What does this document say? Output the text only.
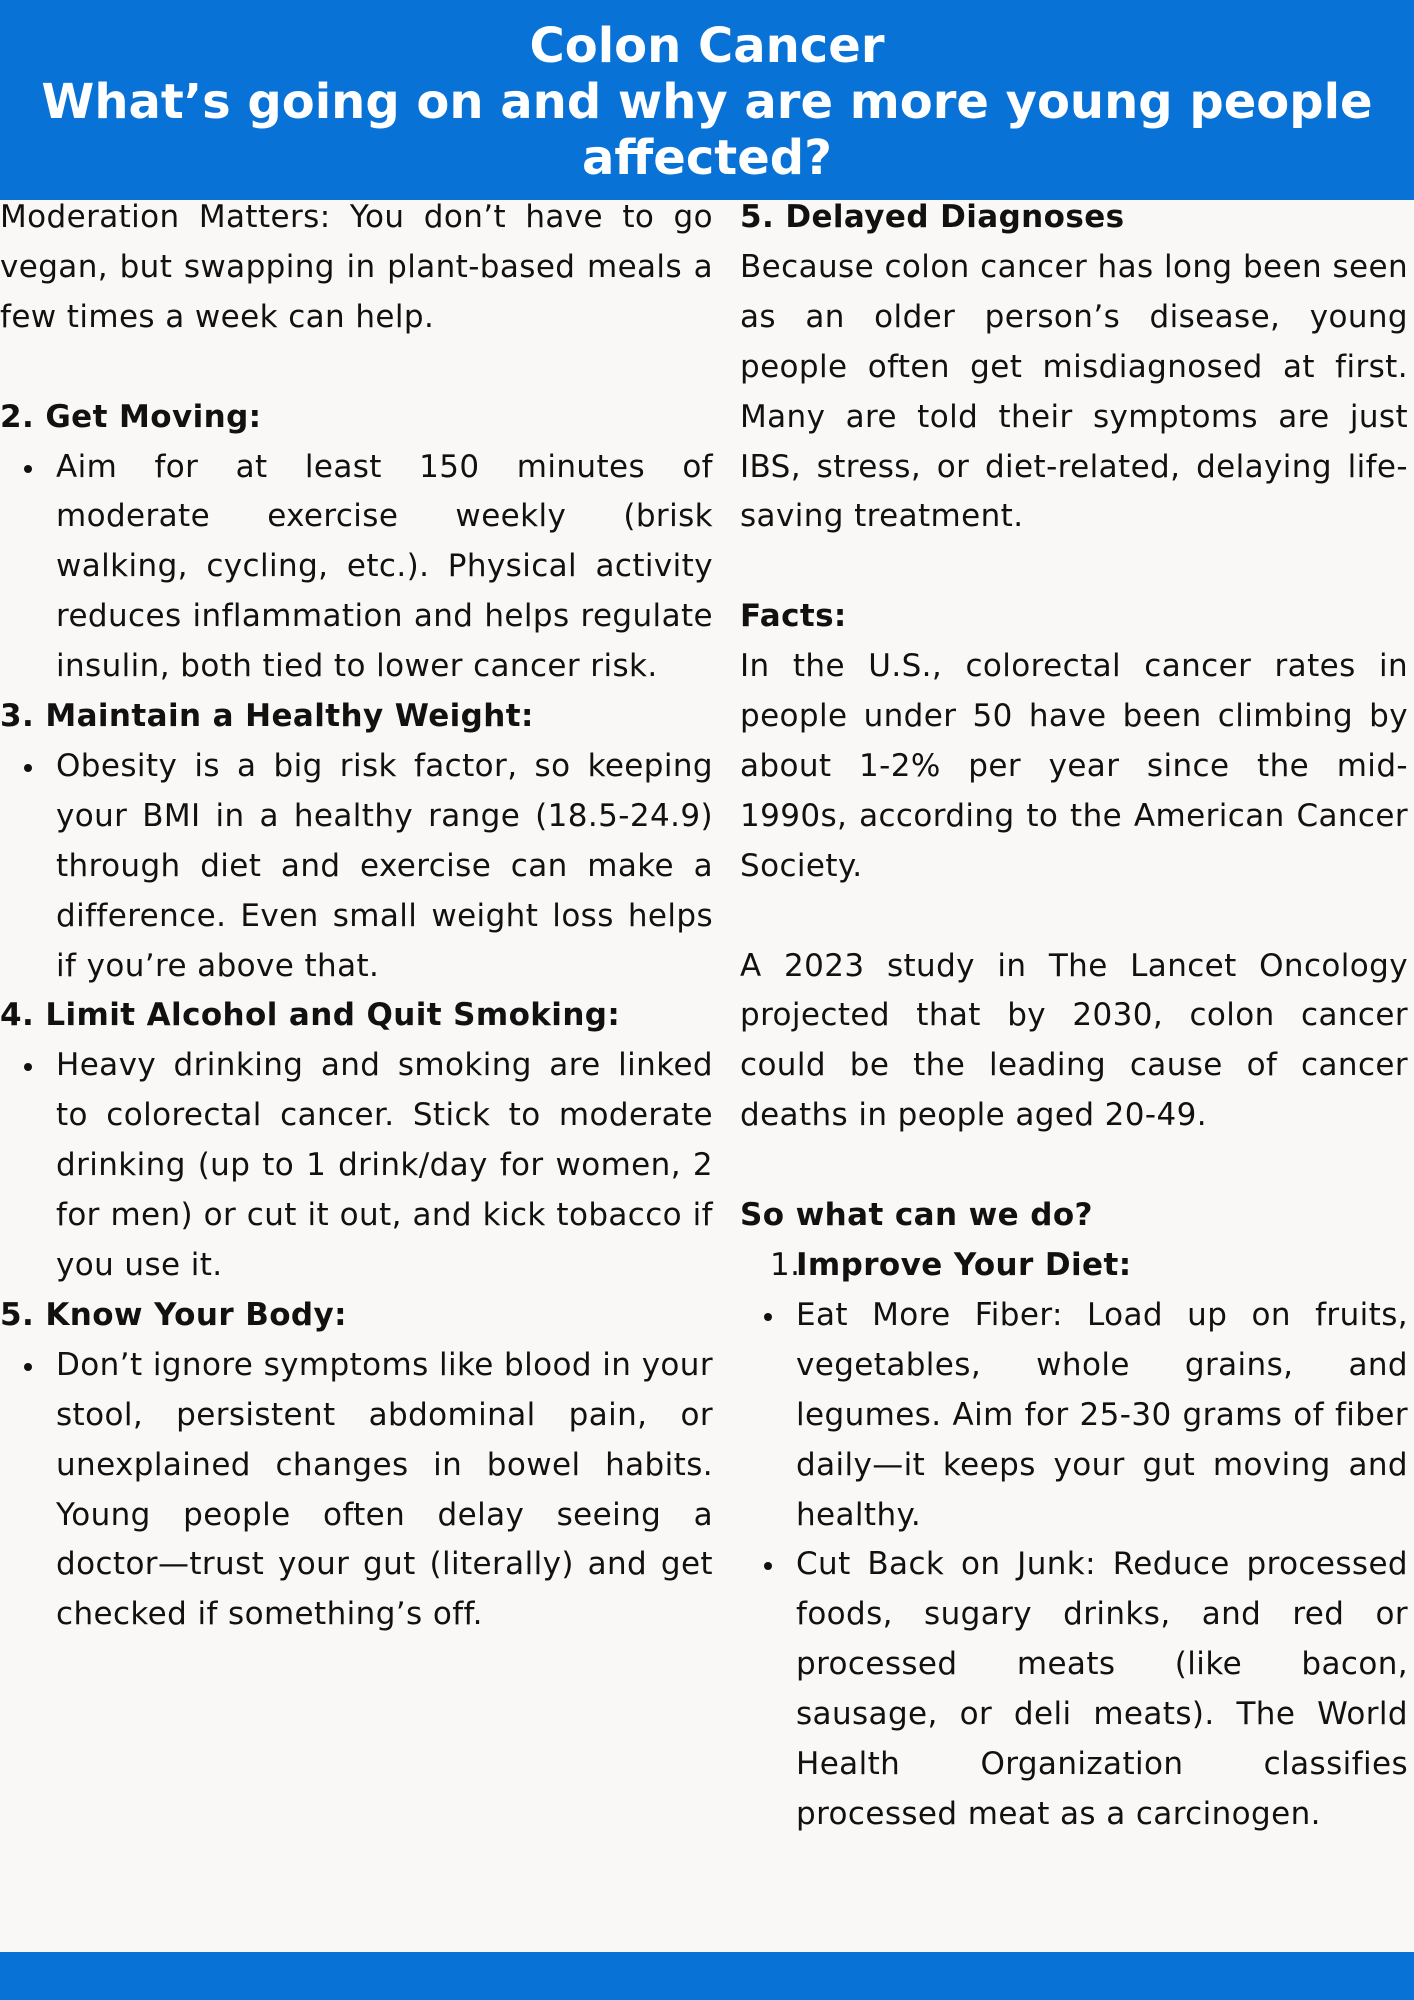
Colon Cancer
What’s going on and why are more young people affected?

Moderation Matters: You don’t have to go vegan, but swapping in plant-based meals a few times a week can help.

2. Get Moving:

Aim for at least 150 minutes of moderate exercise weekly (brisk walking, cycling, etc.). Physical activity reduces inflammation and helps regulate insulin, both tied to lower cancer risk.

3. Maintain a Healthy Weight:

Obesity is a big risk factor, so keeping your BMI in a healthy range (18.5-24.9) through diet and exercise can make a difference. Even small weight loss helps if you’re above that.

4. Limit Alcohol and Quit Smoking:

Heavy drinking and smoking are linked to colorectal cancer. Stick to moderate drinking (up to 1 drink/day for women, 2 for men) or cut it out, and kick tobacco if you use it.

5. Know Your Body:

Don’t ignore symptoms like blood in your stool, persistent abdominal pain, or unexplained changes in bowel habits. Young people often delay seeing a doctor—trust your gut (literally) and get checked if something’s off.

5. Delayed Diagnoses

Because colon cancer has long been seen as an older person’s disease, young people often get misdiagnosed at first. Many are told their symptoms are just IBS, stress, or diet-related, delaying life-saving treatment.

Facts:

In the U.S., colorectal cancer rates in people under 50 have been climbing by about 1-2% per year since the mid-1990s, according to the American Cancer Society.

A 2023 study in The Lancet Oncology projected that by 2030, colon cancer could be the leading cause of cancer deaths in people aged 20-49.

So what can we do?

1.
Improve Your Diet:
Eat More Fiber: Load up on fruits, vegetables, whole grains, and legumes. Aim for 25-30 grams of fiber daily—it keeps your gut moving and healthy.
Cut Back on Junk: Reduce processed foods, sugary drinks, and red or processed meats (like bacon, sausage, or deli meats). The World Health Organization classifies processed meat as a carcinogen.
